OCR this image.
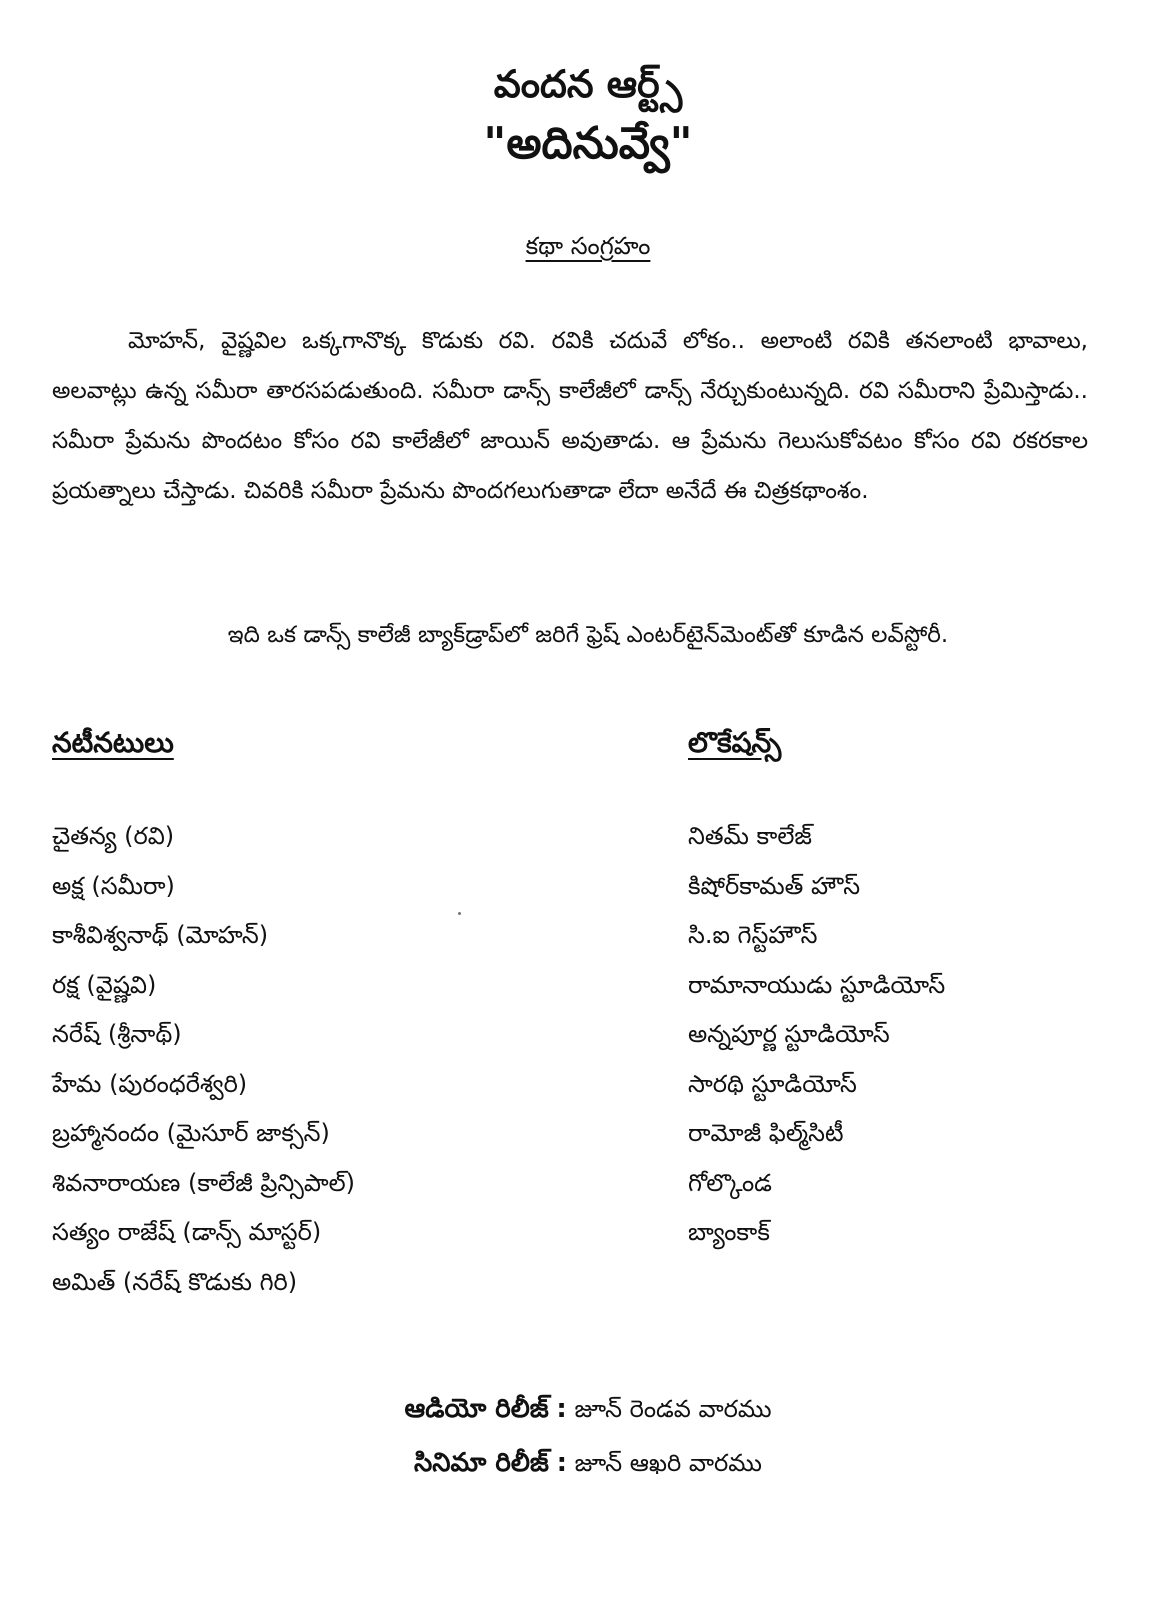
వందన ఆర్ట్స్
"అదినువ్వే"
కథా సంగ్రహం

మోహన్, వైష్ణవిల ఒక్కగానొక్క కొడుకు రవి. రవికి చదువే లోకం.. అలాంటి రవికి తనలాంటి భావాలు, అలవాట్లు ఉన్న సమీరా తారసపడుతుంది. సమీరా డాన్స్ కాలేజీలో డాన్స్ నేర్చుకుంటున్నది. రవి సమీరాని ప్రేమిస్తాడు.. సమీరా ప్రేమను పొందటం కోసం రవి కాలేజీలో జాయిన్ అవుతాడు. ఆ ప్రేమను గెలుసుకోవటం కోసం రవి రకరకాల ప్రయత్నాలు చేస్తాడు. చివరికి సమీరా ప్రేమను పొందగలుగుతాడా లేదా అనేదే ఈ చిత్రకథాంశం.

ఇది ఒక డాన్స్ కాలేజీ బ్యాక్‌డ్రాప్‌లో జరిగే ఫ్రెష్ ఎంటర్‌టైన్‌మెంట్‌తో కూడిన లవ్‌స్టోరీ.
నటీనటులు
చైతన్య (రవి)
అక్ష (సమీరా)
కాశీవిశ్వనాథ్ (మోహన్)
రక్ష (వైష్ణవి)
నరేష్ (శ్రీనాథ్)
హేమ (పురంధరేశ్వరి)
బ్రహ్మానందం (మైసూర్ జాక్సన్)
శివనారాయణ (కాలేజీ ప్రిన్సిపాల్)
సత్యం రాజేష్ (డాన్స్ మాస్టర్)
అమిత్ (నరేష్ కొడుకు గిరి)
లొకేషన్స్
నితమ్ కాలేజ్
కిషోర్‌కామత్ హౌస్
సి.ఐ గెస్ట్‌హౌస్
రామానాయుడు స్టూడియోస్
అన్నపూర్ణ స్టూడియోస్
సారథి స్టూడియోస్
రామోజీ ఫిల్మ్‌సిటీ
గోల్కొండ
బ్యాంకాక్
ఆడియో రిలీజ్ : జూన్ రెండవ వారము
సినిమా రిలీజ్ : జూన్ ఆఖరి వారము
